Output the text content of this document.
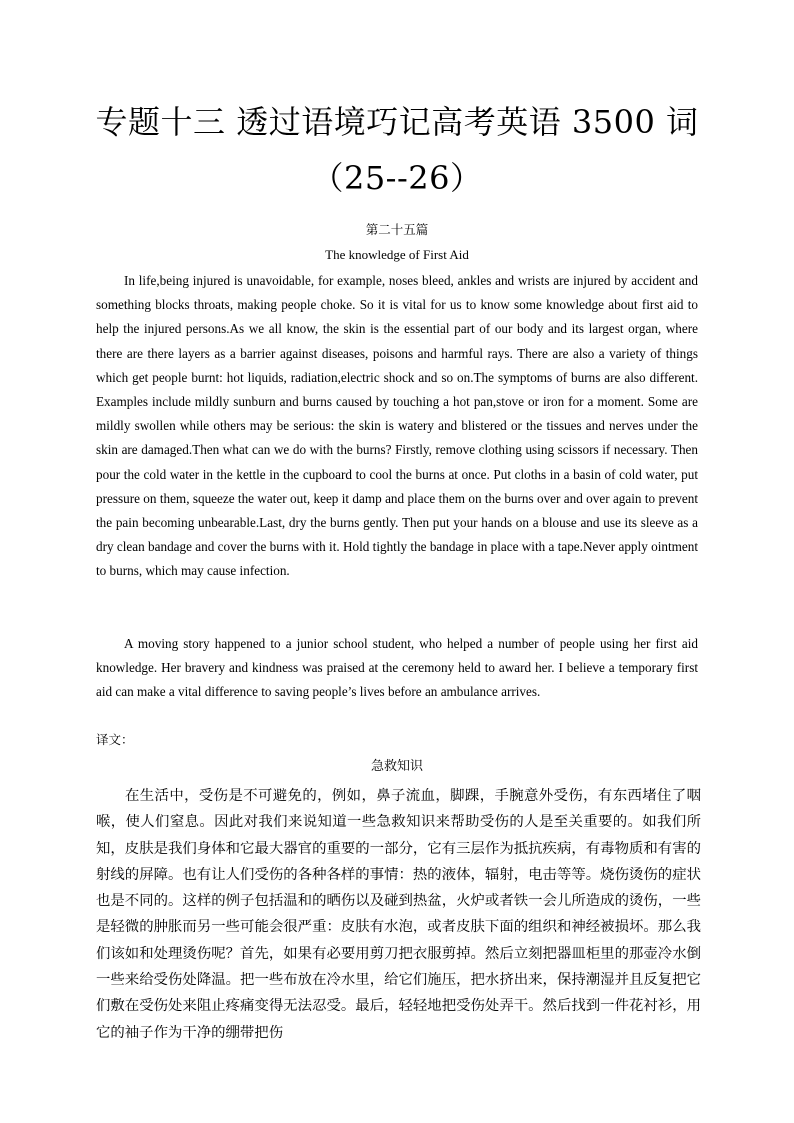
专题十三 透过语境巧记高考英语 3500 词
（25--26）
第二十五篇
The knowledge of First Aid

In life,being injured is unavoidable, for example, noses bleed, ankles and wrists are injured by accident and something blocks throats, making people choke. So it is vital for us to know some knowledge about first aid to help the injured persons.As we all know, the skin is the essential part of our body and its largest organ, where there are there layers as a barrier against diseases, poisons and harmful rays. There are also a variety of things which get people burnt: hot liquids, radiation,electric shock and so on.The symptoms of burns are also different. Examples include mildly sunburn and burns caused by touching a hot pan,stove or iron for a moment. Some are mildly swollen while others may be serious: the skin is watery and blistered or the tissues and nerves under the skin are damaged.Then what can we do with the burns? Firstly, remove clothing using scissors if necessary. Then pour the cold water in the kettle in the cupboard to cool the burns at once. Put cloths in a basin of cold water, put pressure on them, squeeze the water out, keep it damp and place them on the burns over and over again to prevent the pain becoming unbearable.Last, dry the burns gently. Then put your hands on a blouse and use its sleeve as a dry clean bandage and cover the burns with it. Hold tightly the bandage in place with a tape.Never apply ointment to burns, which may cause infection.

A moving story happened to a junior school student, who helped a number of people using her first aid knowledge. Her bravery and kindness was praised at the ceremony held to award her. I believe a temporary first aid can make a vital difference to saving people’s lives before an ambulance arrives.

译文：
急救知识

在生活中，受伤是不可避免的，例如，鼻子流血，脚踝，手腕意外受伤，有东西堵住了咽喉，使人们窒息。因此对我们来说知道一些急救知识来帮助受伤的人是至关重要的。如我们所知，皮肤是我们身体和它最大器官的重要的一部分，它有三层作为抵抗疾病，有毒物质和有害的射线的屏障。也有让人们受伤的各种各样的事情：热的液体，辐射，电击等等。烧伤烫伤的症状也是不同的。这样的例子包括温和的晒伤以及碰到热盆，火炉或者铁一会儿所造成的烫伤，一些是轻微的肿胀而另一些可能会很严重：皮肤有水泡，或者皮肤下面的组织和神经被损坏。那么我们该如和处理烫伤呢？首先，如果有必要用剪刀把衣服剪掉。然后立刻把器皿柜里的那壶冷水倒一些来给受伤处降温。把一些布放在冷水里，给它们施压，把水挤出来，保持潮湿并且反复把它们敷在受伤处来阻止疼痛变得无法忍受。最后，轻轻地把受伤处弄干。然后找到一件花衬衫，用它的袖子作为干净的绷带把伤
